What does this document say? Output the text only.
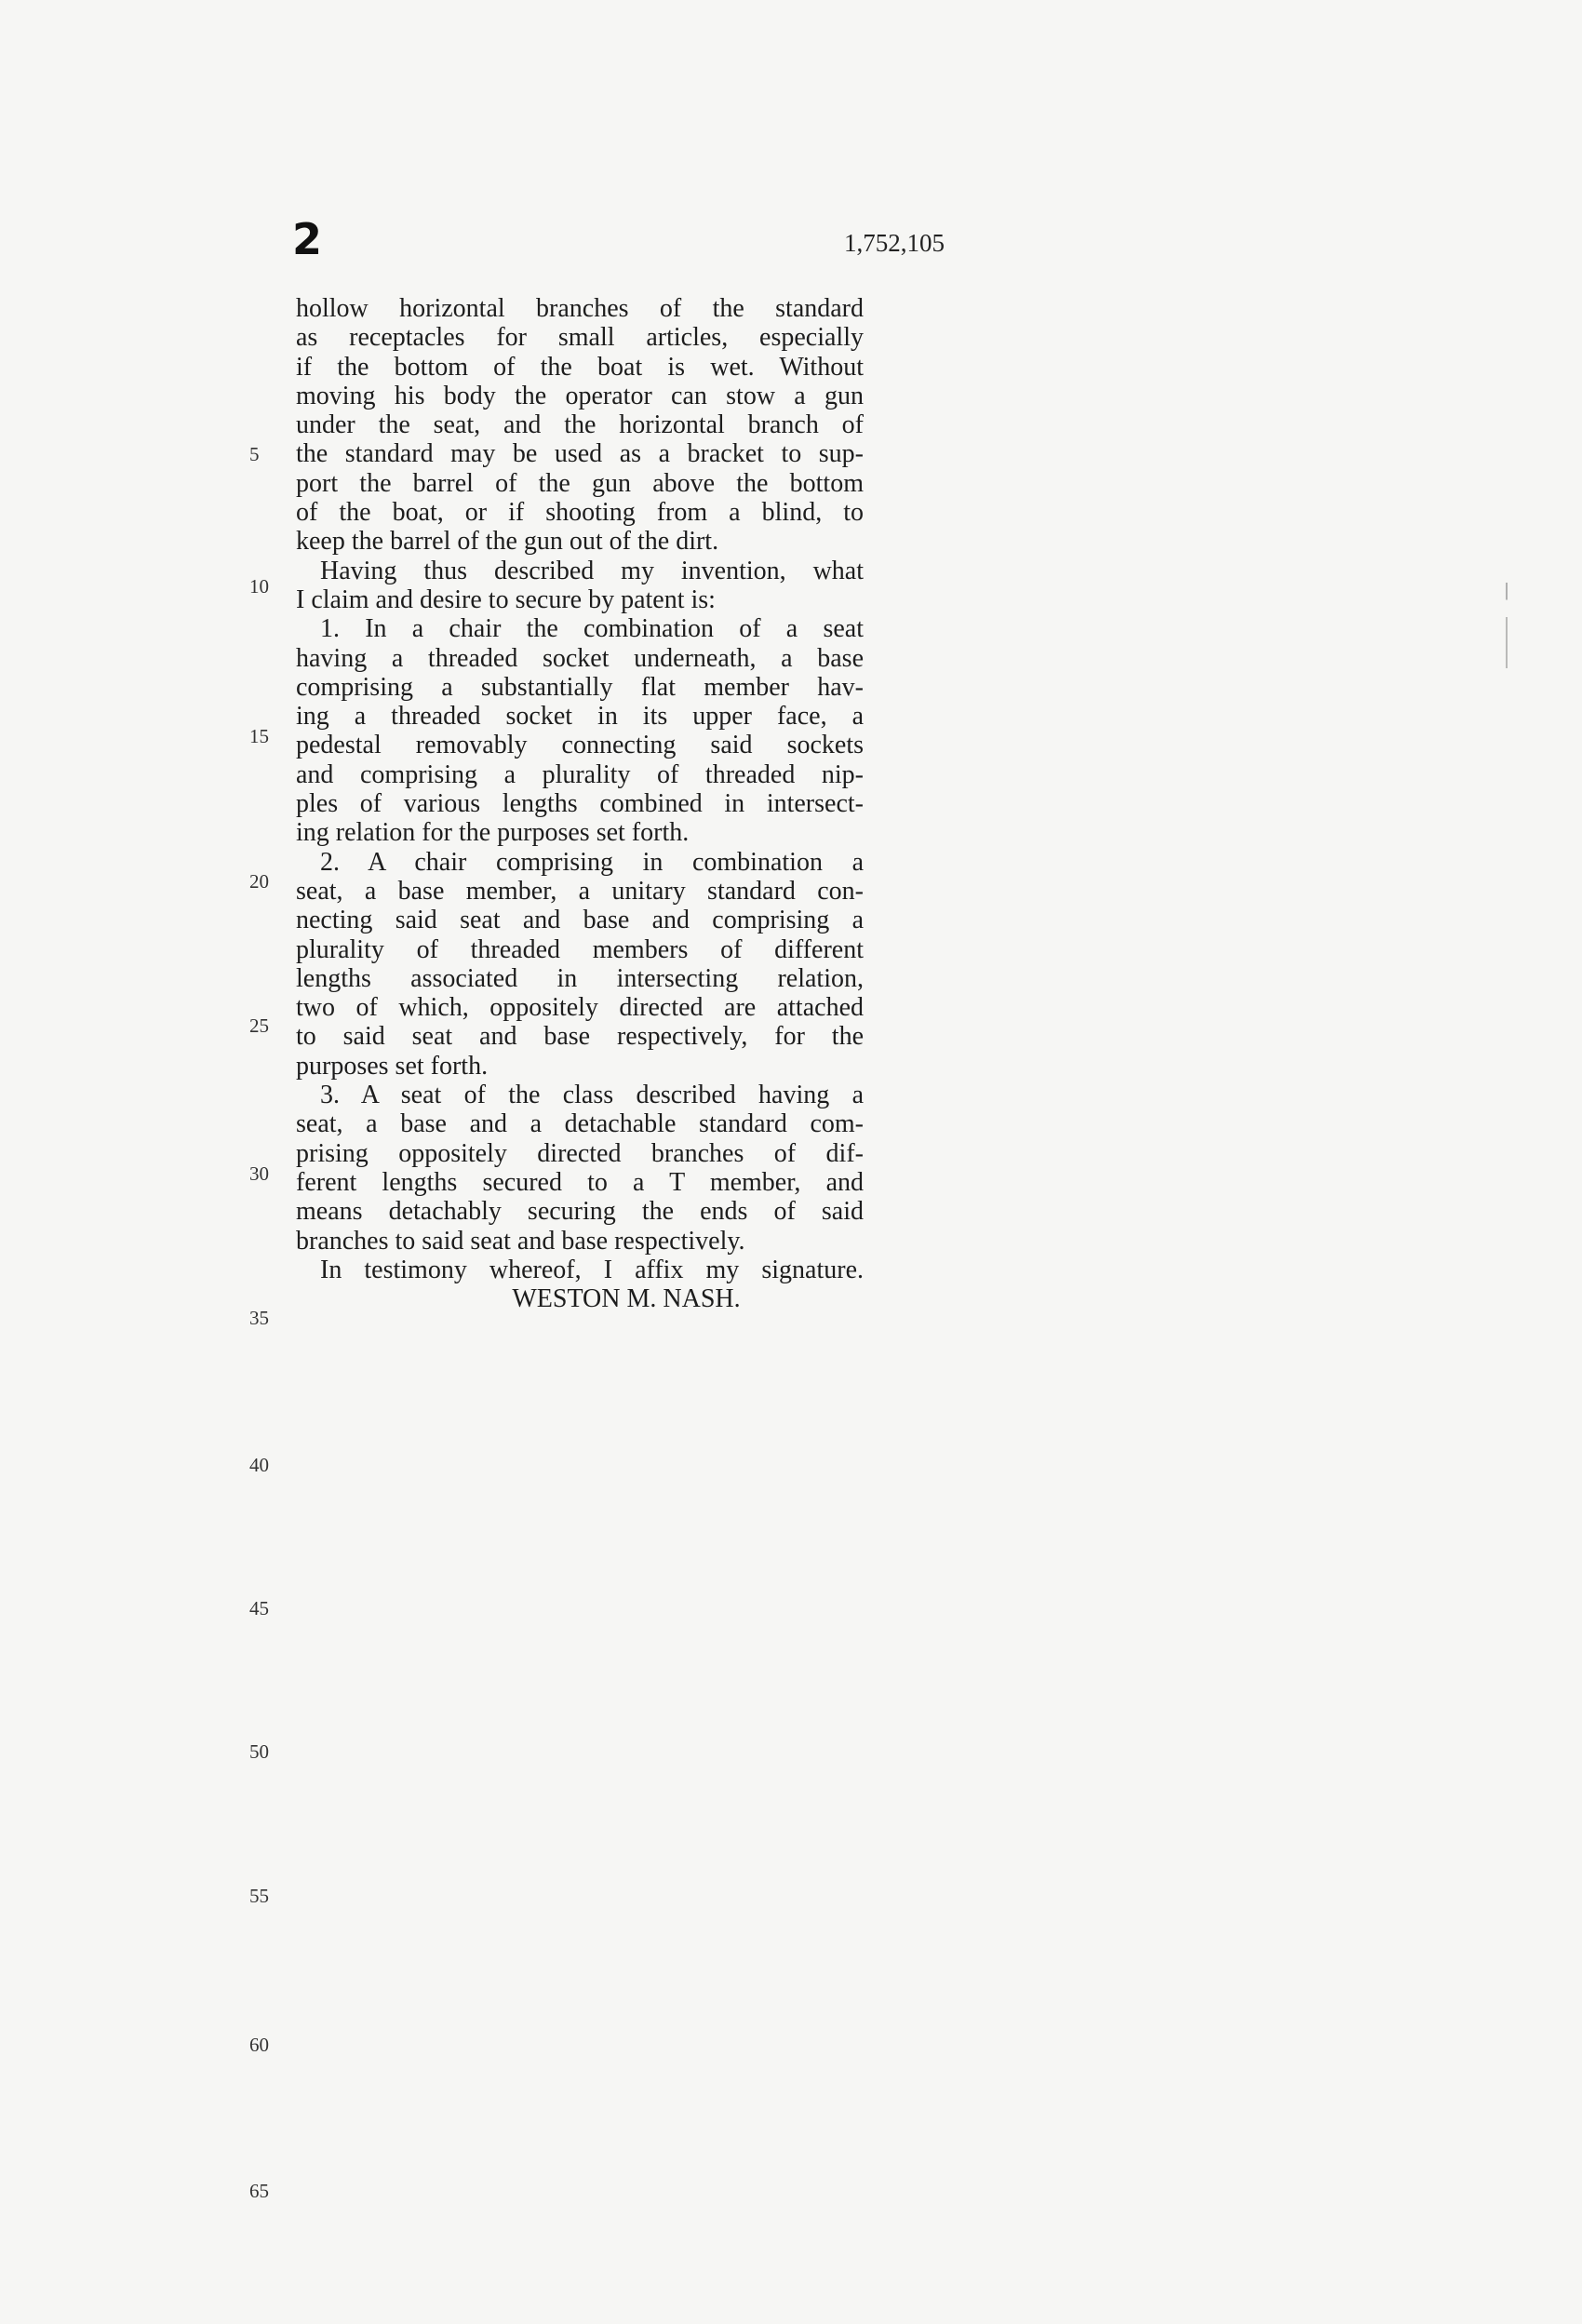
2	1,752,105
hollow horizontal branches of the standard
as receptacles for small articles, especially
if the bottom of the boat is wet. Without
moving his body the operator can stow a gun
under the seat, and the horizontal branch of
the standard may be used as a bracket to sup-
port the barrel of the gun above the bottom
of the boat, or if shooting from a blind, to
keep the barrel of the gun out of the dirt.
Having thus described my invention, what
I claim and desire to secure by patent is:
1. In a chair the combination of a seat
having a threaded socket underneath, a base
comprising a substantially flat member hav-
ing a threaded socket in its upper face, a
pedestal removably connecting said sockets
and comprising a plurality of threaded nip-
ples of various lengths combined in intersect-
ing relation for the purposes set forth.
2. A chair comprising in combination a
seat, a base member, a unitary standard con-
necting said seat and base and comprising a
plurality of threaded members of different
lengths associated in intersecting relation,
two of which, oppositely directed are attached
to said seat and base respectively, for the
purposes set forth.
3. A seat of the class described having a
seat, a base and a detachable standard com-
prising oppositely directed branches of dif-
ferent lengths secured to a T member, and
means detachably securing the ends of said
branches to said seat and base respectively.
In testimony whereof, I affix my signature.
WESTON M. NASH.
5
10
15
20
25
30
35
40
45
50
55
60
65
